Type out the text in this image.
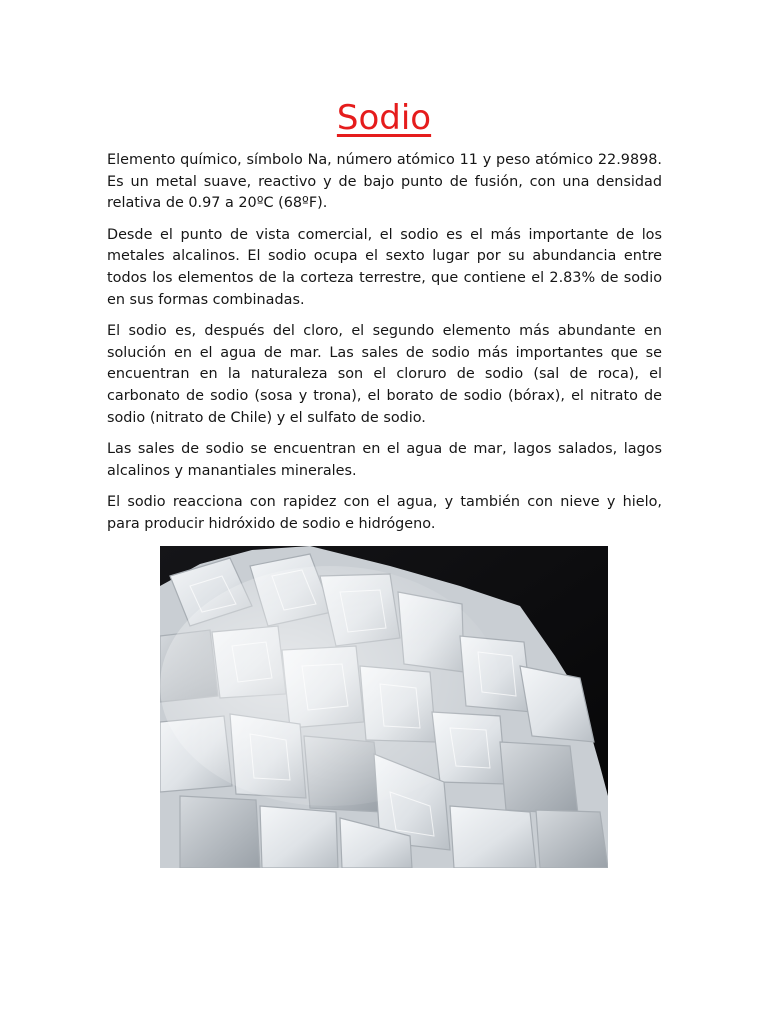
Sodio

Elemento químico, símbolo Na, número atómico 11 y peso atómico 22.9898. Es un metal suave, reactivo y de bajo punto de fusión, con una densidad relativa de 0.97 a 20ºC (68ºF).

Desde el punto de vista comercial, el sodio es el más importante de los metales alcalinos. El sodio ocupa el sexto lugar por su abundancia entre todos los elementos de la corteza terrestre, que contiene el 2.83% de sodio en sus formas combinadas.

El sodio es, después del cloro, el segundo elemento más abundante en solución en el agua de mar. Las sales de sodio más importantes que se encuentran en la naturaleza son el cloruro de sodio (sal de roca), el carbonato de sodio (sosa y trona), el borato de sodio (bórax), el nitrato de sodio (nitrato de Chile) y el sulfato de sodio.

Las sales de sodio se encuentran en el agua de mar, lagos salados, lagos alcalinos y manantiales minerales.

El sodio reacciona con rapidez con el agua, y también con nieve y hielo, para producir hidróxido de sodio e hidrógeno.
